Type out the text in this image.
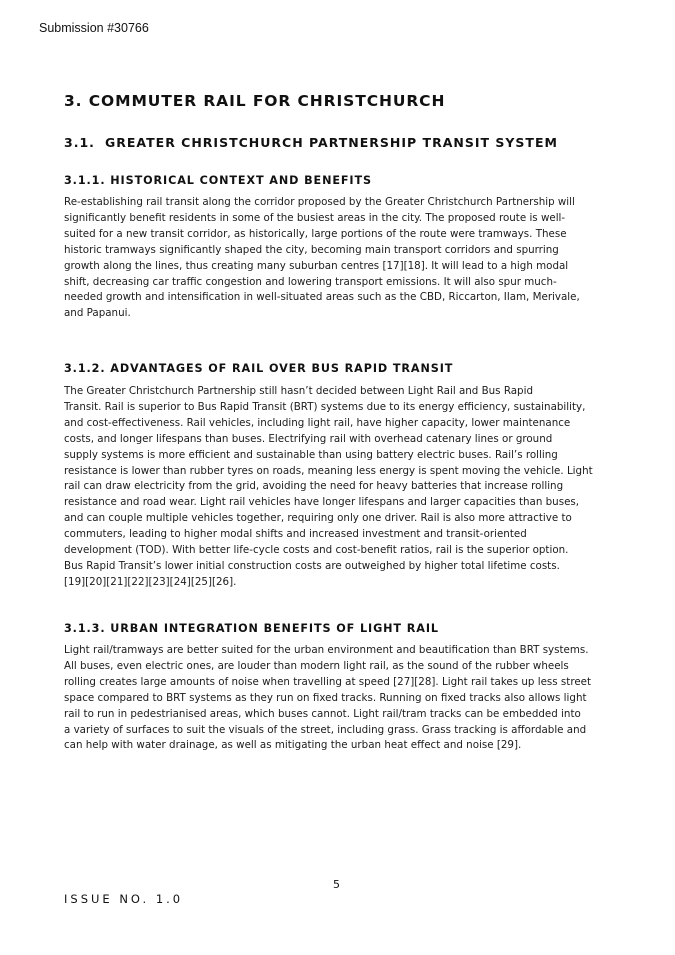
Submission #30766
3. COMMUTER RAIL FOR CHRISTCHURCH
3.1. GREATER CHRISTCHURCH PARTNERSHIP TRANSIT SYSTEM
3.1.1. HISTORICAL CONTEXT AND BENEFITS
Re-establishing rail transit along the corridor proposed by the Greater Christchurch Partnership will
significantly benefit residents in some of the busiest areas in the city. The proposed route is well-
suited for a new transit corridor, as historically, large portions of the route were tramways. These
historic tramways significantly shaped the city, becoming main transport corridors and spurring
growth along the lines, thus creating many suburban centres [17][18]. It will lead to a high modal
shift, decreasing car traffic congestion and lowering transport emissions. It will also spur much-
needed growth and intensification in well-situated areas such as the CBD, Riccarton, Ilam, Merivale,
and Papanui.
3.1.2. ADVANTAGES OF RAIL OVER BUS RAPID TRANSIT
The Greater Christchurch Partnership still hasn’t decided between Light Rail and Bus Rapid
Transit. Rail is superior to Bus Rapid Transit (BRT) systems due to its energy efficiency, sustainability,
and cost-effectiveness. Rail vehicles, including light rail, have higher capacity, lower maintenance
costs, and longer lifespans than buses. Electrifying rail with overhead catenary lines or ground
supply systems is more efficient and sustainable than using battery electric buses. Rail’s rolling
resistance is lower than rubber tyres on roads, meaning less energy is spent moving the vehicle. Light
rail can draw electricity from the grid, avoiding the need for heavy batteries that increase rolling
resistance and road wear. Light rail vehicles have longer lifespans and larger capacities than buses,
and can couple multiple vehicles together, requiring only one driver. Rail is also more attractive to
commuters, leading to higher modal shifts and increased investment and transit-oriented
development (TOD). With better life-cycle costs and cost-benefit ratios, rail is the superior option.
Bus Rapid Transit’s lower initial construction costs are outweighed by higher total lifetime costs.
[19][20][21][22][23][24][25][26].
3.1.3. URBAN INTEGRATION BENEFITS OF LIGHT RAIL
Light rail/tramways are better suited for the urban environment and beautification than BRT systems.
All buses, even electric ones, are louder than modern light rail, as the sound of the rubber wheels
rolling creates large amounts of noise when travelling at speed [27][28]. Light rail takes up less street
space compared to BRT systems as they run on fixed tracks. Running on fixed tracks also allows light
rail to run in pedestrianised areas, which buses cannot. Light rail/tram tracks can be embedded into
a variety of surfaces to suit the visuals of the street, including grass. Grass tracking is affordable and
can help with water drainage, as well as mitigating the urban heat effect and noise [29].
5
ISSUE NO. 1.0
